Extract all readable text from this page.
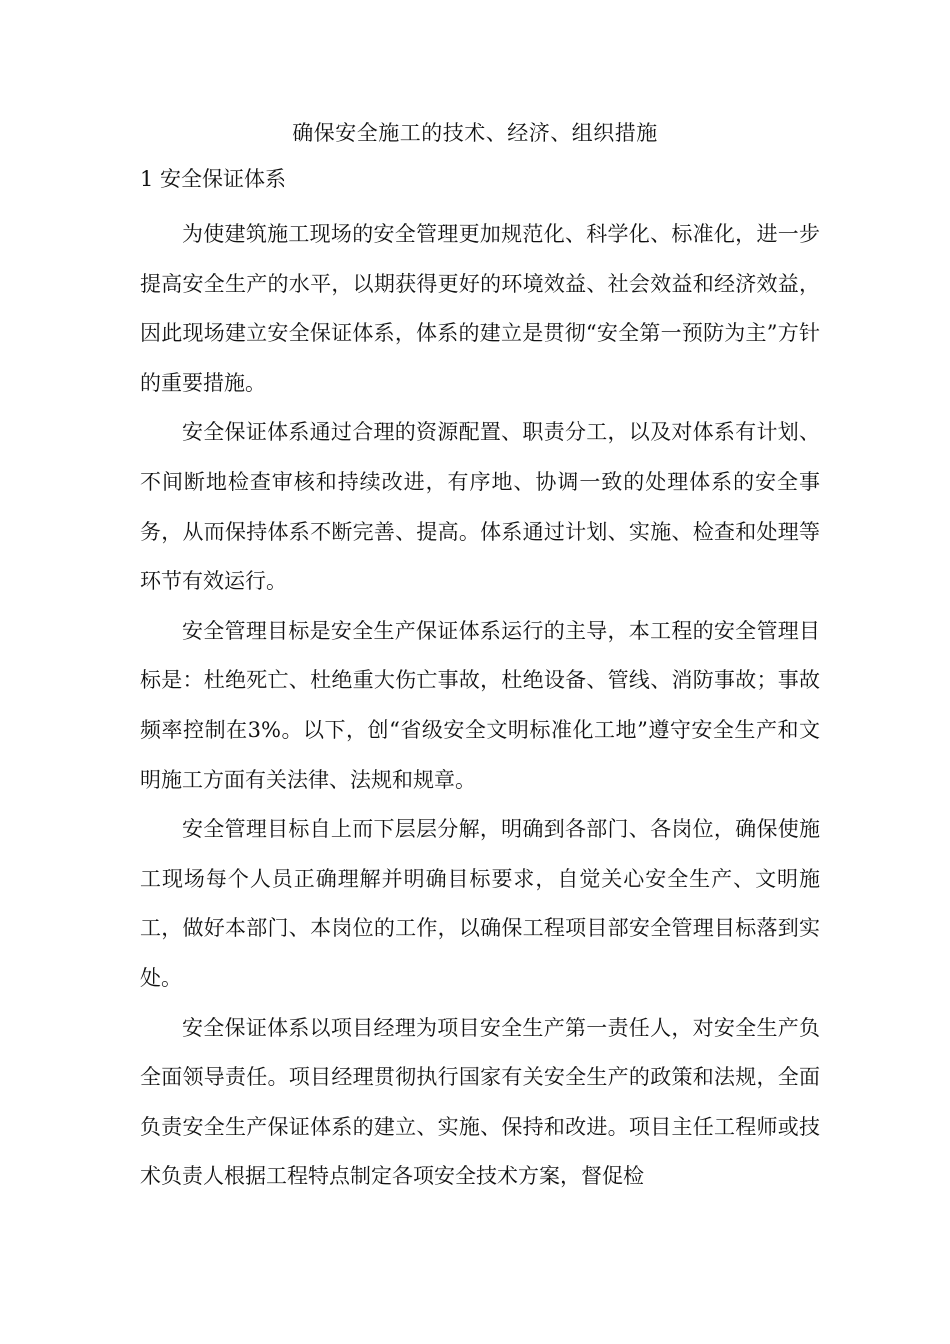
确保安全施工的技术、经济、组织措施
1 安全保证体系

为使建筑施工现场的安全管理更加规范化、科学化、标准化，进一步提高安全生产的水平，以期获得更好的环境效益、社会效益和经济效益，因此现场建立安全保证体系，体系的建立是贯彻“安全第一预防为主”方针的重要措施。

安全保证体系通过合理的资源配置、职责分工，以及对体系有计划、不间断地检查审核和持续改进，有序地、协调一致的处理体系的安全事务，从而保持体系不断完善、提高。体系通过计划、实施、检查和处理等环节有效运行。

安全管理目标是安全生产保证体系运行的主导，本工程的安全管理目标是：杜绝死亡、杜绝重大伤亡事故，杜绝设备、管线、消防事故；事故频率控制在3%。以下，创“省级安全文明标准化工地”遵守安全生产和文明施工方面有关法律、法规和规章。

安全管理目标自上而下层层分解，明确到各部门、各岗位，确保使施工现场每个人员正确理解并明确目标要求，自觉关心安全生产、文明施工，做好本部门、本岗位的工作，以确保工程项目部安全管理目标落到实处。

安全保证体系以项目经理为项目安全生产第一责任人，对安全生产负全面领导责任。项目经理贯彻执行国家有关安全生产的政策和法规，全面负责安全生产保证体系的建立、实施、保持和改进。项目主任工程师或技术负责人根据工程特点制定各项安全技术方案，督促检
